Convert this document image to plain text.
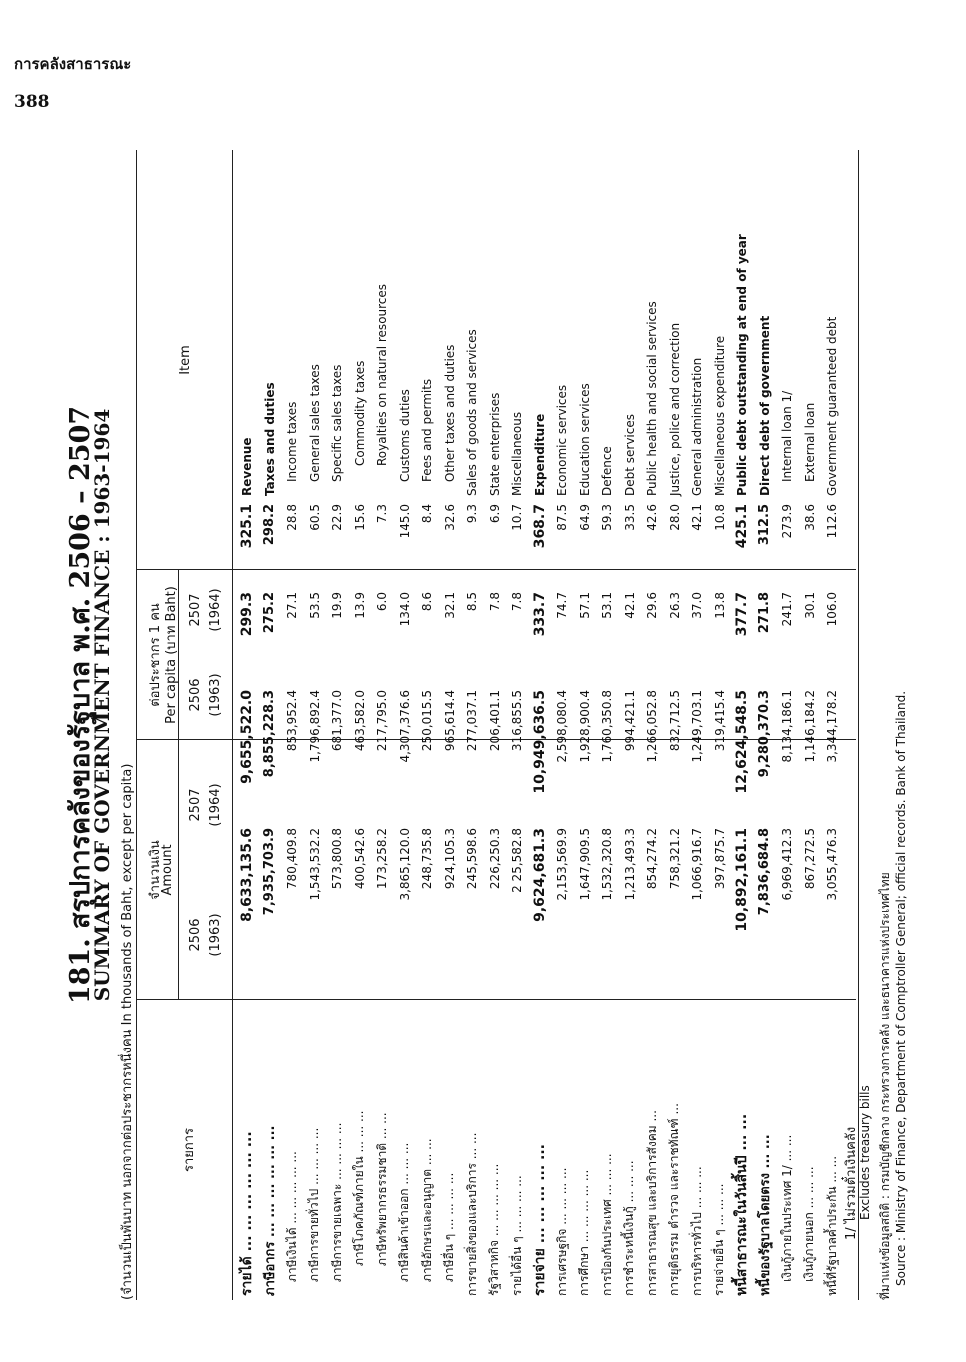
การคลังสาธารณะ
388
181. สรุปการคลังของรัฐบาล พ.ศ. 2506 – 2507
SUMMARY OF GOVERNMENT FINANCE : 1963-1964
(จำนวนเป็นพันบาท นอกจากต่อประชากรหนึ่งคน In thousands of Baht, except per capita)	รายการ
จำนวนเงิน
Amount
ต่อประชากร 1 คน Per capita (บาท Baht)
2506 (1963)
2507 (1964)
2506 (1963)
2507 (1964)
Item
รายได้ ... ... ... ... ... ...	8,633,135.6	9,655,522.0	299.3	325.1	Revenue
ภาษีอากร ... ... ... ... ... ...	7,935,703.9	8,855,228.3	275.2	298.2	Taxes and duties
ภาษีเงินได้ ... ... ... ... ...	780,409.8	853,952.4	27.1	28.8	Income taxes
ภาษีการขายทั่วไป ... ... ... ...	1,543,532.2	1,796,892.4	53.5	60.5	General sales taxes
ภาษีการขายเฉพาะ ... ... ... ...	573,800.8	681,377.0	19.9	22.9	Specific sales taxes
ภาษีโภคภัณฑ์ภายใน ... ... ...	400,542.6	463,582.0	13.9	15.6	Commodity taxes
ภาษีทรัพยากรธรรมชาติ ... ...	173,258.2	217,795.0	6.0	7.3	Royalties on natural resources
ภาษีสินค้าเข้าออก ... ... ...	3,865,120.0	4,307,376.6	134.0	145.0	Customs duties
ภาษีอักษรและอนุญาต ... ...	248,735.8	250,015.5	8.6	8.4	Fees and permits
ภาษีอื่น ๆ ... ... ... ...	924,105.3	965,614.4	32.1	32.6	Other taxes and duties
การขายสิ่งของและบริการ ... ...	245,598.6	277,037.1	8.5	9.3	Sales of goods and services
รัฐวิสาหกิจ ... ... ... ... ...	226,250.3	206,401.1	7.8	6.9	State enterprises
รายได้อื่น ๆ ... ... ... ...	2 25,582.8	316,855.5	7.8	10.7	Miscellaneous
รายจ่าย ... ... ... ... ...	9,624,681.3	10,949,636.5	333.7	368.7	Expenditure
การเศรษฐกิจ ... ... ... ...	2,153,569.9	2,598,080.4	74.7	87.5	Economic services
การศึกษา ... ... ... ... ...	1,647,909.5	1,928,900.4	57.1	64.9	Education services
การป้องกันประเทศ ... ... ...	1,532,320.8	1,760,350.8	53.1	59.3	Defence
การชำระหนี้เงินกู้ ... ... ...	1,213,493.3	994,421.1	42.1	33.5	Debt services
การสาธารณสุข และบริการสังคม ...	854,274.2	1,266,052.8	29.6	42.6	Public health and social services
การยุติธรรม ตำรวจ และราชทัณฑ์ ...	758,321.2	832,712.5	26.3	28.0	Justice, police and correction
การบริหารทั่วไป ... ... ...	1,066,916.7	1,249,703.1	37.0	42.1	General administration
รายจ่ายอื่น ๆ ... ... ...	397,875.7	319,415.4	13.8	10.8	Miscellaneous expenditure
หนี้สาธารณะในวันสิ้นปี ... ...	10,892,161.1	12,624,548.5	377.7	425.1	Public debt outstanding at end of year
หนี้ของรัฐบาลโดยตรง ... ...	7,836,684.8	9,280,370.3	271.8	312.5	Direct debt of government
เงินกู้ภายในประเทศ 1/ ... ...	6,969,412.3	8,134,186.1	241.7	273.9	Internal loan 1/
เงินกู้ภายนอก ... ... ...	867,272.5	1,146,184.2	30.1	38.6	External loan
หนี้ที่รัฐบาลค้ำประกัน ... ...	3,055,476.3	3,344,178.2	106.0	112.6	Government guaranteed debt
1/ ไม่รวมตั๋วเงินคลัง Excludes treasury bills ที่มาแห่งข้อมูลสถิติ : กรมบัญชีกลาง กระทรวงการคลัง และธนาคารแห่งประเทศไทย Source : Ministry of Finance, Department of Comptroller General; official records. Bank of Thailand.
